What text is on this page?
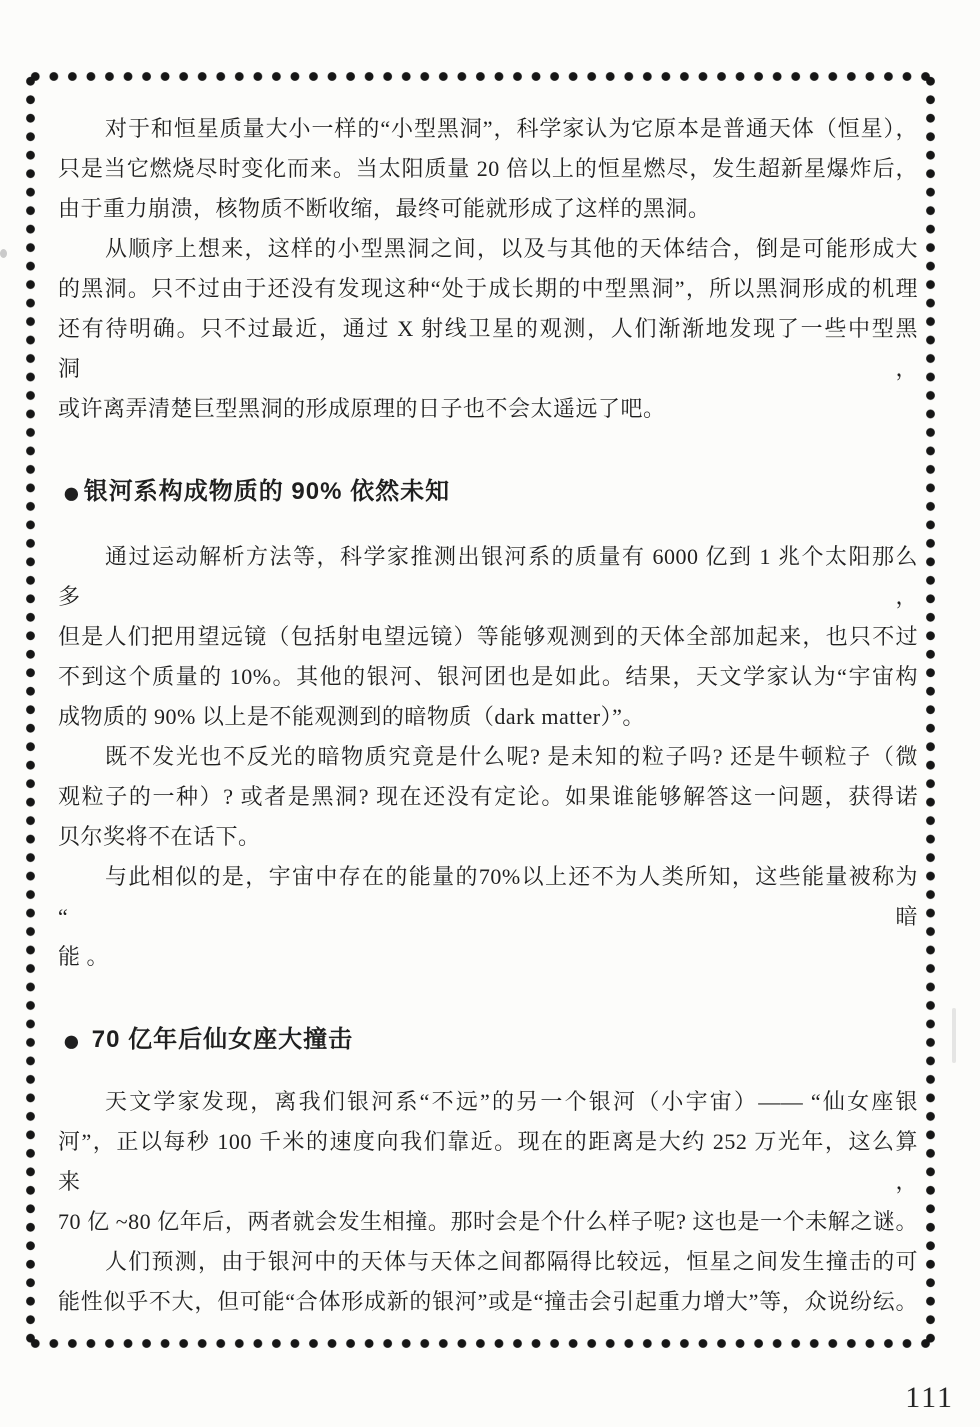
对于和恒星质量大小一样的“小型黑洞”，科学家认为它原本是普通天体（恒星），
只是当它燃烧尽时变化而来。当太阳质量 20 倍以上的恒星燃尽，发生超新星爆炸后，
由于重力崩溃，核物质不断收缩，最终可能就形成了这样的黑洞。

从顺序上想来，这样的小型黑洞之间，以及与其他的天体结合，倒是可能形成大
的黑洞。只不过由于还没有发现这种“处于成长期的中型黑洞”，所以黑洞形成的机理
还有待明确。只不过最近，通过 X 射线卫星的观测，人们渐渐地发现了一些中型黑洞，
或许离弄清楚巨型黑洞的形成原理的日子也不会太遥远了吧。

● 银河系构成物质的 90% 依然未知

通过运动解析方法等，科学家推测出银河系的质量有 6000 亿到 1 兆个太阳那么多，
但是人们把用望远镜（包括射电望远镜）等能够观测到的天体全部加起来，也只不过
不到这个质量的 10%。其他的银河、银河团也是如此。结果，天文学家认为“宇宙构
成物质的 90% 以上是不能观测到的暗物质（dark matter）”。

既不发光也不反光的暗物质究竟是什么呢? 是未知的粒子吗? 还是牛顿粒子（微
观粒子的一种）? 或者是黑洞? 现在还没有定论。如果谁能够解答这一问题，获得诺
贝尔奖将不在话下。

与此相似的是，宇宙中存在的能量的70%以上还不为人类所知，这些能量被称为“暗
能 。

● 70 亿年后仙女座大撞击

天文学家发现，离我们银河系“不远”的另一个银河（小宇宙）—— “仙女座银
河”，正以每秒 100 千米的速度向我们靠近。现在的距离是大约 252 万光年，这么算来，
70 亿 ~80 亿年后，两者就会发生相撞。那时会是个什么样子呢? 这也是一个未解之谜。

人们预测，由于银河中的天体与天体之间都隔得比较远，恒星之间发生撞击的可
能性似乎不大，但可能“合体形成新的银河”或是“撞击会引起重力增大”等，众说纷纭。

111
